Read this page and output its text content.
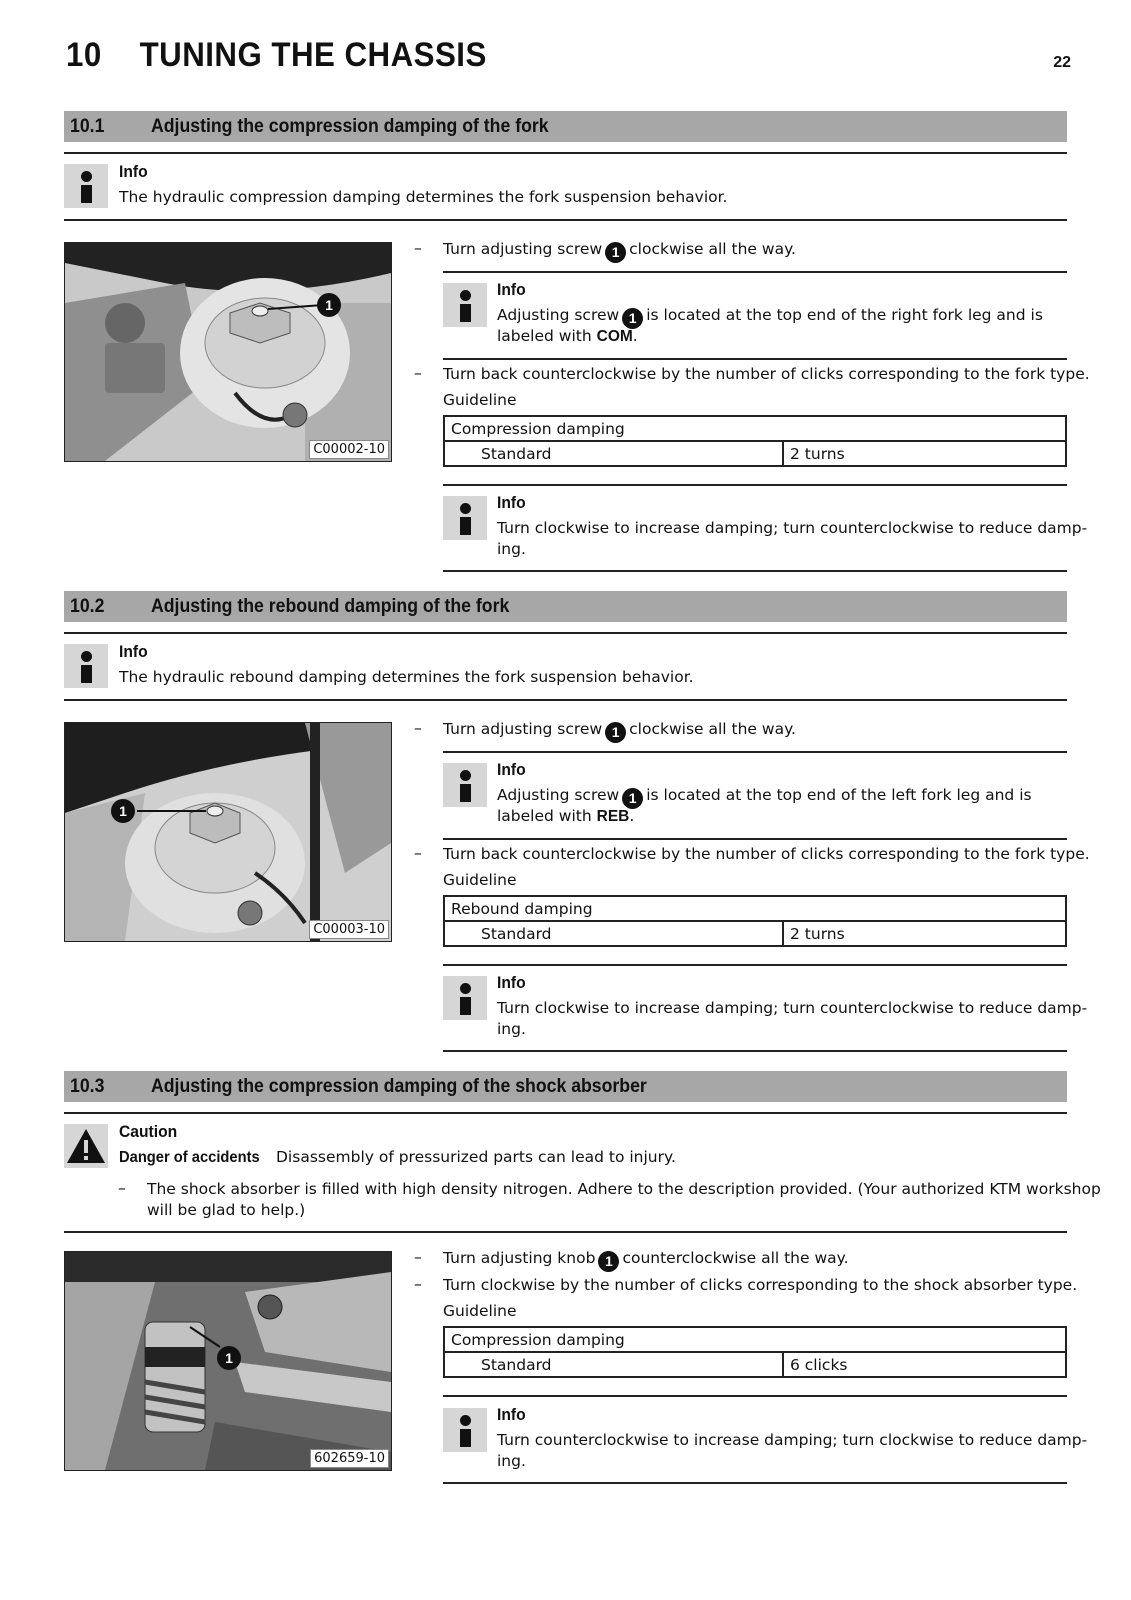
10 TUNING THE CHASSIS	22
10.1 Adjusting the compression damping of the fork
Info
The hydraulic compression damping determines the fork suspension behavior.
1
C00002-10
– Turn adjusting screw 1 clockwise all the way.
Info
Adjusting screw 1 is located at the top end of the right fork leg and is
labeled with COM.
– Turn back counterclockwise by the number of clicks corresponding to the fork type.
Guideline
Compression damping
Standard	2 turns
Info
Turn clockwise to increase damping; turn counterclockwise to reduce damp-
ing.
10.2 Adjusting the rebound damping of the fork
Info
The hydraulic rebound damping determines the fork suspension behavior.
1
C00003-10
– Turn adjusting screw 1 clockwise all the way.
Info
Adjusting screw 1 is located at the top end of the left fork leg and is
labeled with REB.
– Turn back counterclockwise by the number of clicks corresponding to the fork type.
Guideline
Rebound damping
Standard	2 turns
Info
Turn clockwise to increase damping; turn counterclockwise to reduce damp-
ing.
10.3 Adjusting the compression damping of the shock absorber
Caution
Danger of accidents	Disassembly of pressurized parts can lead to injury.
– The shock absorber is filled with high density nitrogen. Adhere to the description provided. (Your authorized KTM workshop
will be glad to help.)
1
602659-10
– Turn adjusting knob 1 counterclockwise all the way.
– Turn clockwise by the number of clicks corresponding to the shock absorber type.
Guideline
Compression damping
Standard	6 clicks
Info
Turn counterclockwise to increase damping; turn clockwise to reduce damp-
ing.
